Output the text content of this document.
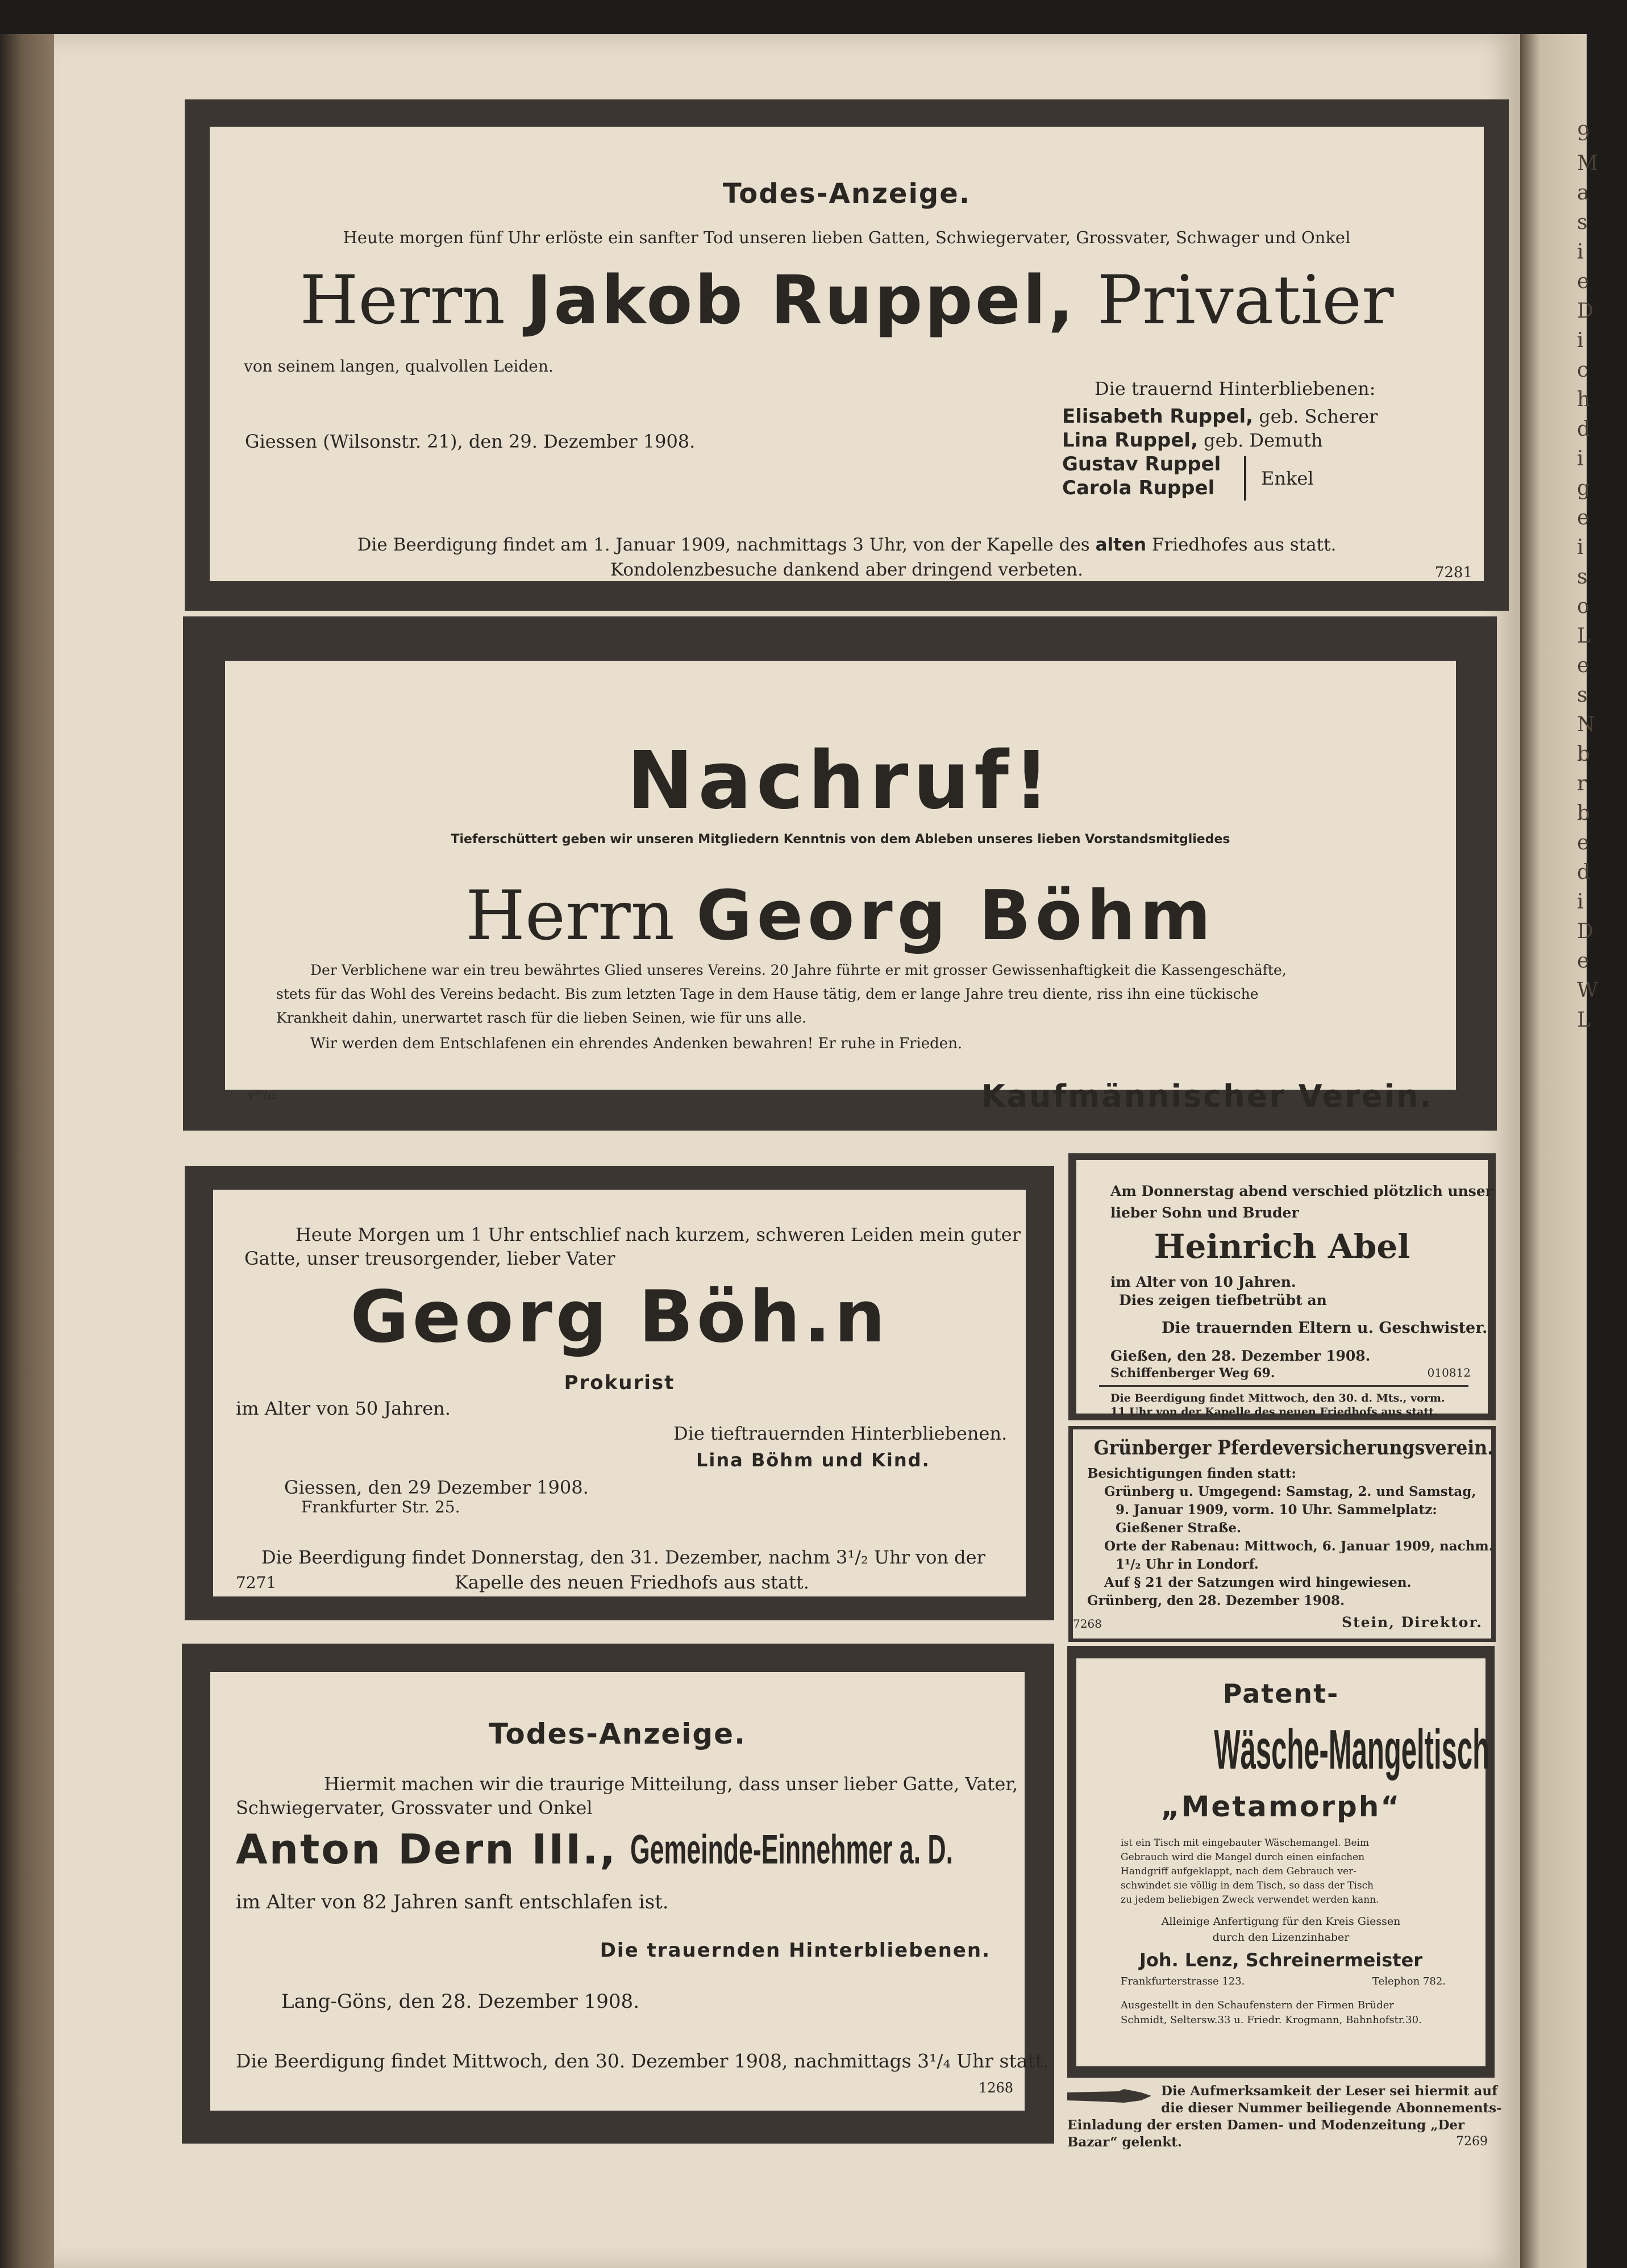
9Ma s ie Di ch di ge i so L es N br be di De W L

Todes-Anzeige.

Heute morgen fünf Uhr erlöste ein sanfter Tod unseren lieben Gatten, Schwiegervater, Grossvater, Schwager und Onkel

Herrn Jakob Ruppel, Privatier

von seinem langen, qualvollen Leiden.

Giessen (Wilsonstr. 21), den 29. Dezember 1908.

Die trauernd Hinterbliebenen:

Elisabeth Ruppel, geb. Scherer

Lina Ruppel, geb. Demuth

Gustav Ruppel

Carola Ruppel	Enkel

Die Beerdigung findet am 1. Januar 1909, nachmittags 3 Uhr, von der Kapelle des alten Friedhofes aus statt.

Kondolenzbesuche dankend aber dringend verbeten.	7281

Nachruf!

Tieferschüttert geben wir unseren Mitgliedern Kenntnis von dem Ableben unseres lieben Vorstandsmitgliedes

Herrn Georg Böhm

Der Verblichene war ein treu bewährtes Glied unseres Vereins. 20 Jahre führte er mit grosser Gewissenhaftigkeit die Kassengeschäfte,

stets für das Wohl des Vereins bedacht. Bis zum letzten Tage in dem Hause tätig, dem er lange Jahre treu diente, riss ihn eine tückische

Krankheit dahin, unerwartet rasch für die lieben Seinen, wie für uns alle.

Wir werden dem Entschlafenen ein ehrendes Andenken bewahren! Er ruhe in Frieden.

v³⁰/₁₂	Kaufmännischer Verein.

Heute Morgen um 1 Uhr entschlief nach kurzem, schweren Leiden mein guter

Gatte, unser treusorgender, lieber Vater

Georg Böh.n

Prokurist

im Alter von 50 Jahren.

Die tieftrauernden Hinterbliebenen.

Lina Böhm und Kind.

Giessen, den 29 Dezember 1908.

Frankfurter Str. 25.

Die Beerdigung findet Donnerstag, den 31. Dezember, nachm 3¹/₂ Uhr von der

7271	Kapelle des neuen Friedhofs aus statt.

Todes-Anzeige.

Hiermit machen wir die traurige Mitteilung, dass unser lieber Gatte, Vater,

Schwiegervater, Grossvater und Onkel

Anton Dern III., Gemeinde-Einnehmer a. D.

im Alter von 82 Jahren sanft entschlafen ist.

Die trauernden Hinterbliebenen.

Lang-Göns, den 28. Dezember 1908.

Die Beerdigung findet Mittwoch, den 30. Dezember 1908, nachmittags 3¹/₄ Uhr statt.

1268

Am Donnerstag abend verschied plötzlich unser

lieber Sohn und Bruder

Heinrich Abel

im Alter von 10 Jahren.

Dies zeigen tiefbetrübt an

Die trauernden Eltern u. Geschwister.

Gießen, den 28. Dezember 1908.

Schiffenberger Weg 69.	010812

Die Beerdigung findet Mittwoch, den 30. d. Mts., vorm.

11 Uhr von der Kapelle des neuen Friedhofs aus statt.

Grünberger Pferdeversicherungsverein.

Besichtigungen finden statt:

Grünberg u. Umgegend: Samstag, 2. und Samstag,

9. Januar 1909, vorm. 10 Uhr. Sammelplatz:

Gießener Straße.

Orte der Rabenau: Mittwoch, 6. Januar 1909, nachm.

1¹/₂ Uhr in Londorf.

Auf § 21 der Satzungen wird hingewiesen.

Grünberg, den 28. Dezember 1908.

7268	Stein, Direktor.

Patent-

Wäsche-Mangeltisch

„Metamorph“

ist ein Tisch mit eingebauter Wäschemangel. Beim

Gebrauch wird die Mangel durch einen einfachen

Handgriff aufgeklappt, nach dem Gebrauch ver-

schwindet sie völlig in dem Tisch, so dass der Tisch

zu jedem beliebigen Zweck verwendet werden kann.

Alleinige Anfertigung für den Kreis Giessen

durch den Lizenzinhaber

Joh. Lenz, Schreinermeister

Frankfurterstrasse 123.	Telephon 782.

Ausgestellt in den Schaufenstern der Firmen Brüder

Schmidt, Seltersw.33 u. Friedr. Krogmann, Bahnhofstr.30.

Die Aufmerksamkeit der Leser sei hiermit auf

die dieser Nummer beiliegende Abonnements-

Einladung der ersten Damen- und Modenzeitung „Der

Bazar“ gelenkt.	7269
